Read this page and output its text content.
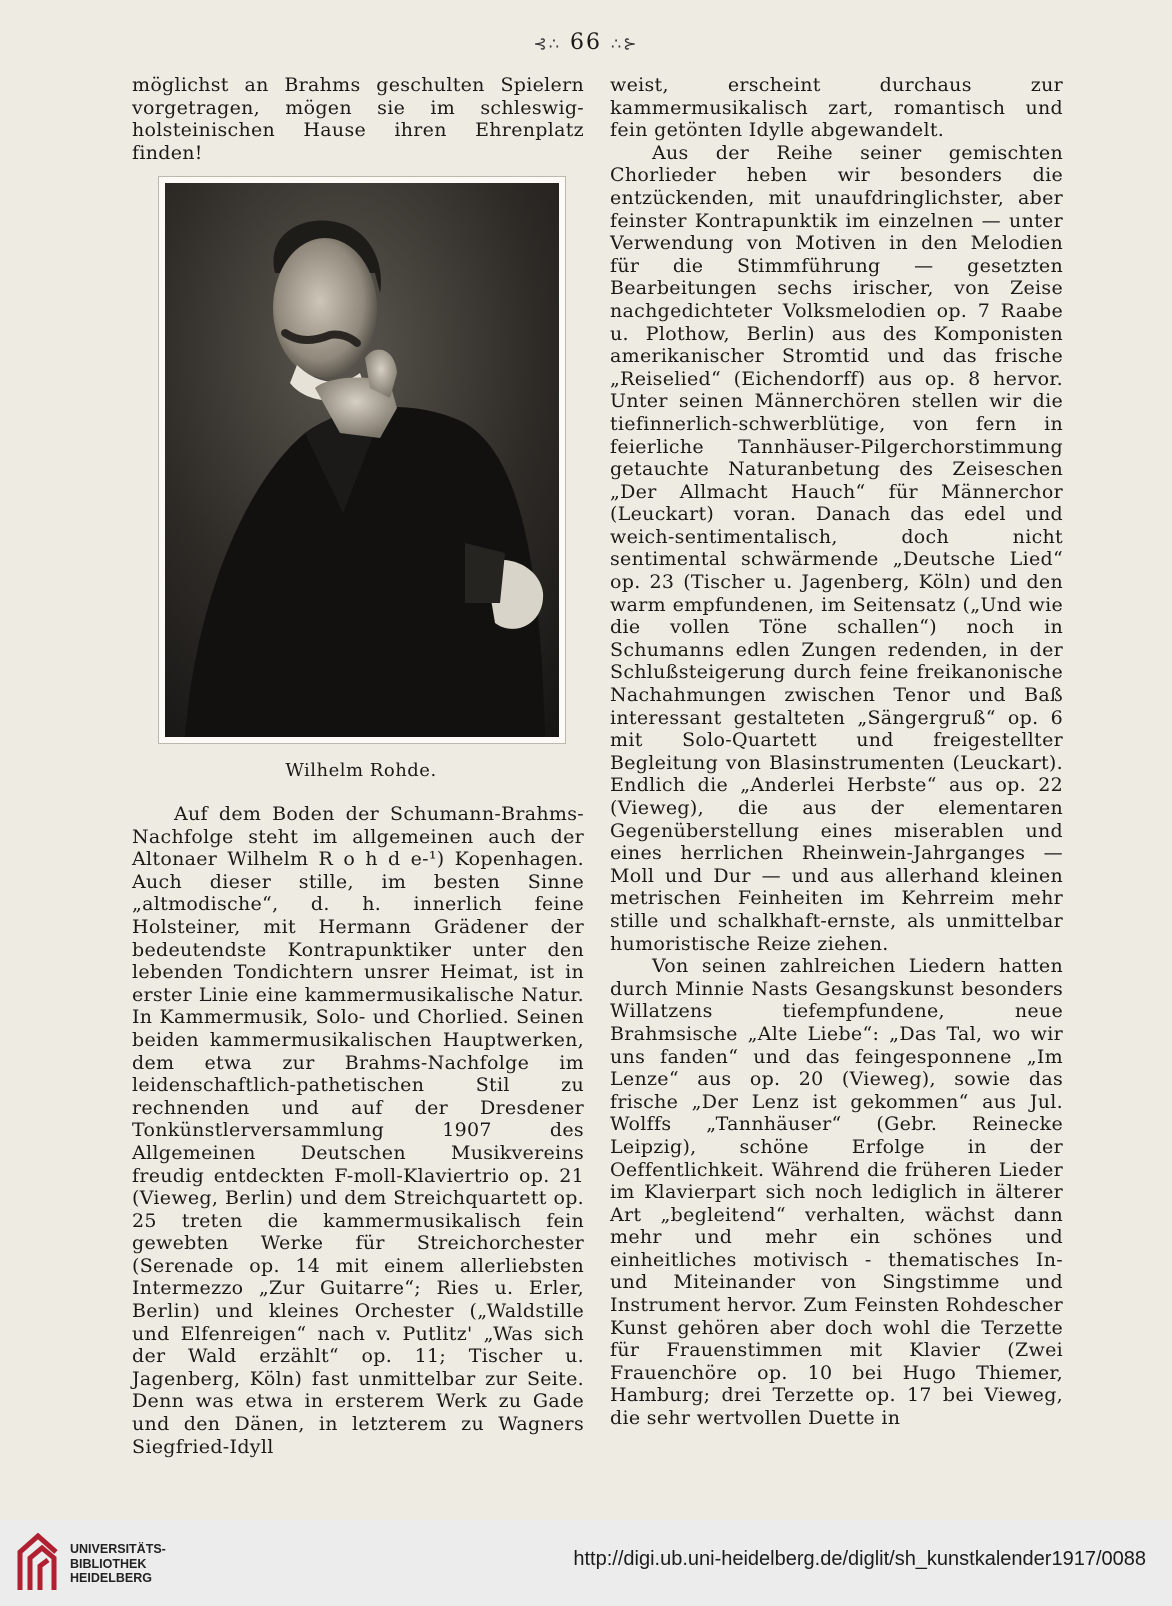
⊰∴ 66 ∴⊱

möglichst an Brahms geschulten Spielern vorgetragen, mögen sie im schleswig-holsteinischen Hause ihren Ehrenplatz finden!

Wilhelm Rohde.

Auf dem Boden der Schumann-Brahms-Nachfolge steht im allgemeinen auch der Altonaer Wilhelm R o h d e-¹) Kopenhagen. Auch dieser stille, im besten Sinne „altmodische“, d. h. innerlich feine Holsteiner, mit Hermann Grädener der bedeutendste Kontrapunktiker unter den lebenden Tondichtern unsrer Heimat, ist in erster Linie eine kammermusikalische Natur. In Kammermusik, Solo- und Chorlied. Seinen beiden kammermusikalischen Hauptwerken, dem etwa zur Brahms-Nachfolge im leidenschaftlich-pathetischen Stil zu rechnenden und auf der Dresdener Tonkünstlerversammlung 1907 des Allgemeinen Deutschen Musikvereins freudig entdeckten F-moll-Klaviertrio op. 21 (Vieweg, Berlin) und dem Streichquartett op. 25 treten die kammermusikalisch fein gewebten Werke für Streichorchester (Serenade op. 14 mit einem allerliebsten Intermezzo „Zur Guitarre“; Ries u. Erler, Berlin) und kleines Orchester („Waldstille und Elfenreigen“ nach v. Putlitz' „Was sich der Wald erzählt“ op. 11; Tischer u. Jagenberg, Köln) fast unmittelbar zur Seite. Denn was etwa in ersterem Werk zu Gade und den Dänen, in letzterem zu Wagners Siegfried-Idyll

weist, erscheint durchaus zur kammermusikalisch zart, romantisch und fein getönten Idylle abgewandelt.

Aus der Reihe seiner gemischten Chorlieder heben wir besonders die entzückenden, mit unaufdringlichster, aber feinster Kontrapunktik im einzelnen — unter Verwendung von Motiven in den Melodien für die Stimmführung — gesetzten Bearbeitungen sechs irischer, von Zeise nachgedichteter Volksmelodien op. 7 Raabe u. Plothow, Berlin) aus des Komponisten amerikanischer Stromtid und das frische „Reiselied“ (Eichendorff) aus op. 8 hervor. Unter seinen Männerchören stellen wir die tiefinnerlich-schwerblütige, von fern in feierliche Tannhäuser-Pilgerchorstimmung getauchte Naturanbetung des Zeiseschen „Der Allmacht Hauch“ für Männerchor (Leuckart) voran. Danach das edel und weich-sentimentalisch, doch nicht sentimental schwärmende „Deutsche Lied“ op. 23 (Tischer u. Jagenberg, Köln) und den warm empfundenen, im Seitensatz („Und wie die vollen Töne schallen“) noch in Schumanns edlen Zungen redenden, in der Schlußsteigerung durch feine freikanonische Nachahmungen zwischen Tenor und Baß interessant gestalteten „Sängergruß“ op. 6 mit Solo-Quartett und freigestellter Begleitung von Blasinstrumenten (Leuckart). Endlich die „Anderlei Herbste“ aus op. 22 (Vieweg), die aus der elementaren Gegenüberstellung eines miserablen und eines herrlichen Rheinwein-Jahrganges — Moll und Dur — und aus allerhand kleinen metrischen Feinheiten im Kehrreim mehr stille und schalkhaft-ernste, als unmittelbar humoristische Reize ziehen.

Von seinen zahlreichen Liedern hatten durch Minnie Nasts Gesangskunst besonders Willatzens tiefempfundene, neue Brahmsische „Alte Liebe“: „Das Tal, wo wir uns fanden“ und das feingesponnene „Im Lenze“ aus op. 20 (Vieweg), sowie das frische „Der Lenz ist gekommen“ aus Jul. Wolffs „Tannhäuser“ (Gebr. Reinecke Leipzig), schöne Erfolge in der Oeffentlichkeit. Während die früheren Lieder im Klavierpart sich noch lediglich in älterer Art „begleitend“ verhalten, wächst dann mehr und mehr ein schönes und einheitliches motivisch - thematisches In- und Miteinander von Singstimme und Instrument hervor. Zum Feinsten Rohdescher Kunst gehören aber doch wohl die Terzette für Frauenstimmen mit Klavier (Zwei Frauenchöre op. 10 bei Hugo Thiemer, Hamburg; drei Terzette op. 17 bei Vieweg, die sehr wertvollen Duette in

UNIVERSITÄTS-
BIBLIOTHEK
HEIDELBERG
http://digi.ub.uni-heidelberg.de/diglit/sh_kunstkalender1917/0088
